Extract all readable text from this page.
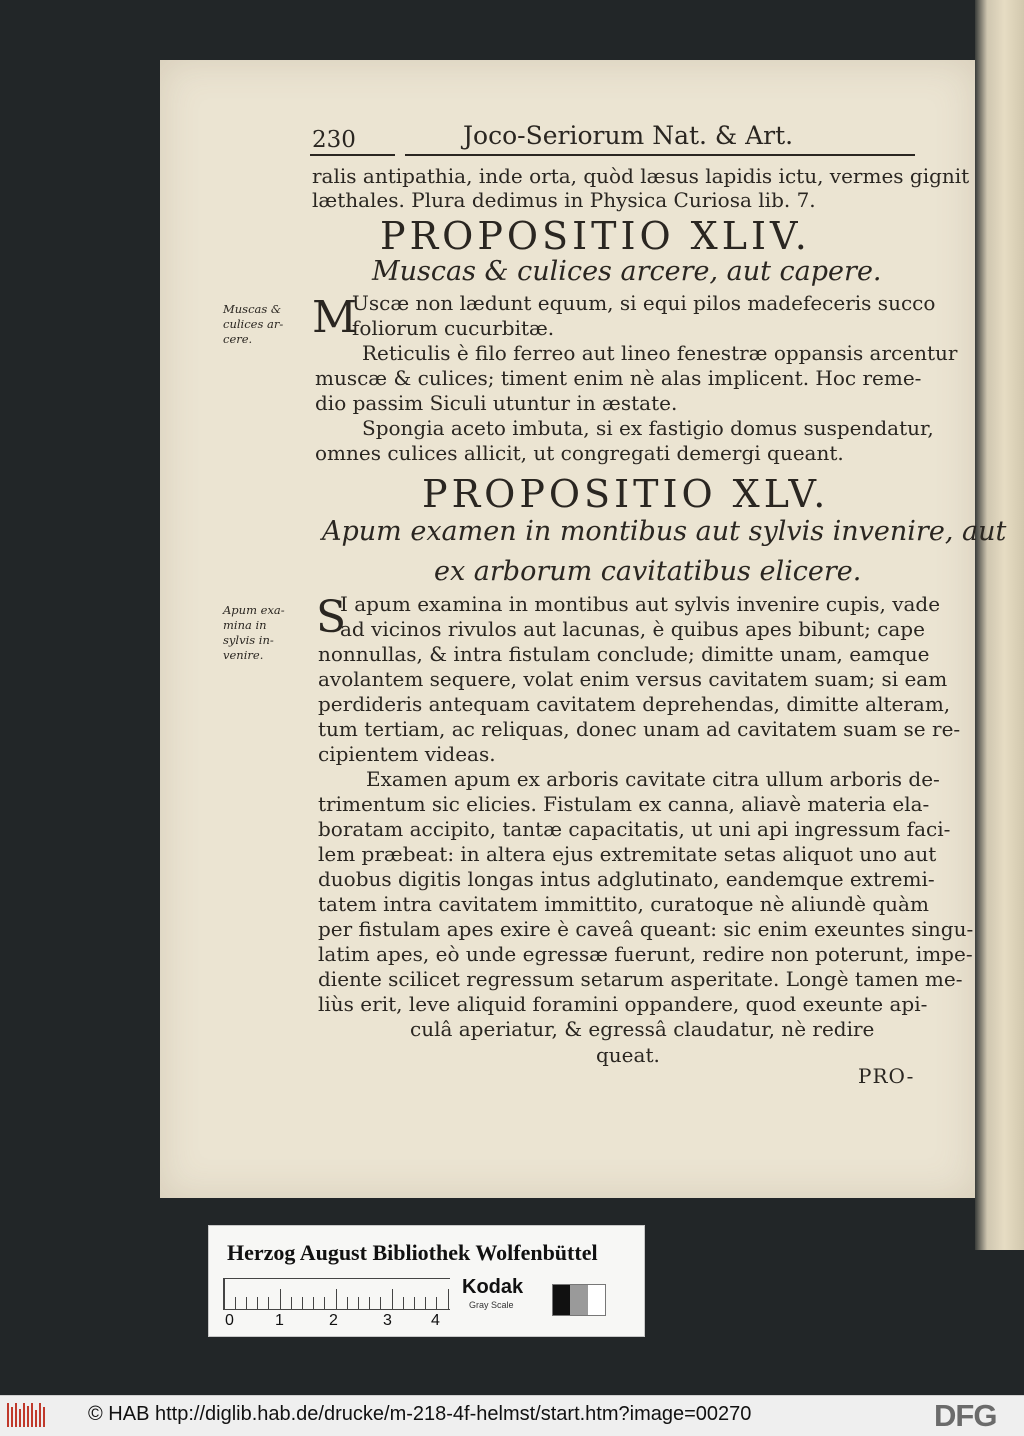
230	Joco-Seriorum Nat. & Art.
ralis antipathia, inde orta, quòd læsus lapidis ictu, vermes gignit
læthales. Plura dedimus in Physica Curiosa lib. 7.
PROPOSITIO XLIV.
Muscas & culices arcere, aut capere.
Muscas &
culices ar-
cere.	M
Uscæ non lædunt equum, si equi pilos madefeceris succo
foliorum cucurbitæ.
Reticulis è filo ferreo aut lineo fenestræ oppansis arcentur
muscæ & culices; timent enim nè alas implicent. Hoc reme-
dio passim Siculi utuntur in æstate.
Spongia aceto imbuta, si ex fastigio domus suspendatur,
omnes culices allicit, ut congregati demergi queant.
PROPOSITIO XLV.
Apum examen in montibus aut sylvis invenire, aut
ex arborum cavitatibus elicere.
Apum exa-
mina in
sylvis in-
venire.
S
I apum examina in montibus aut sylvis invenire cupis, vade
ad vicinos rivulos aut lacunas, è quibus apes bibunt; cape
nonnullas, & intra fistulam conclude; dimitte unam, eamque
avolantem sequere, volat enim versus cavitatem suam; si eam
perdideris antequam cavitatem deprehendas, dimitte alteram,
tum tertiam, ac reliquas, donec unam ad cavitatem suam se re-
cipientem videas.
Examen apum ex arboris cavitate citra ullum arboris de-
trimentum sic elicies. Fistulam ex canna, aliavè materia ela-
boratam accipito, tantæ capacitatis, ut uni api ingressum faci-
lem præbeat: in altera ejus extremitate setas aliquot uno aut
duobus digitis longas intus adglutinato, eandemque extremi-
tatem intra cavitatem immittito, curatoque nè aliundè quàm
per fistulam apes exire è caveâ queant: sic enim exeuntes singu-
latim apes, eò unde egressæ fuerunt, redire non poterunt, impe-
diente scilicet regressum setarum asperitate. Longè tamen me-
liùs erit, leve aliquid foramini oppandere, quod exeunte api-
culâ aperiatur, & egressâ claudatur, nè redire
queat.
PRO-
Herzog August Bibliothek Wolfenbüttel
0	1	2	3 4
Kodak
Gray Scale
© HAB http://diglib.hab.de/drucke/m-218-4f-helmst/start.htm?image=00270	DFG
